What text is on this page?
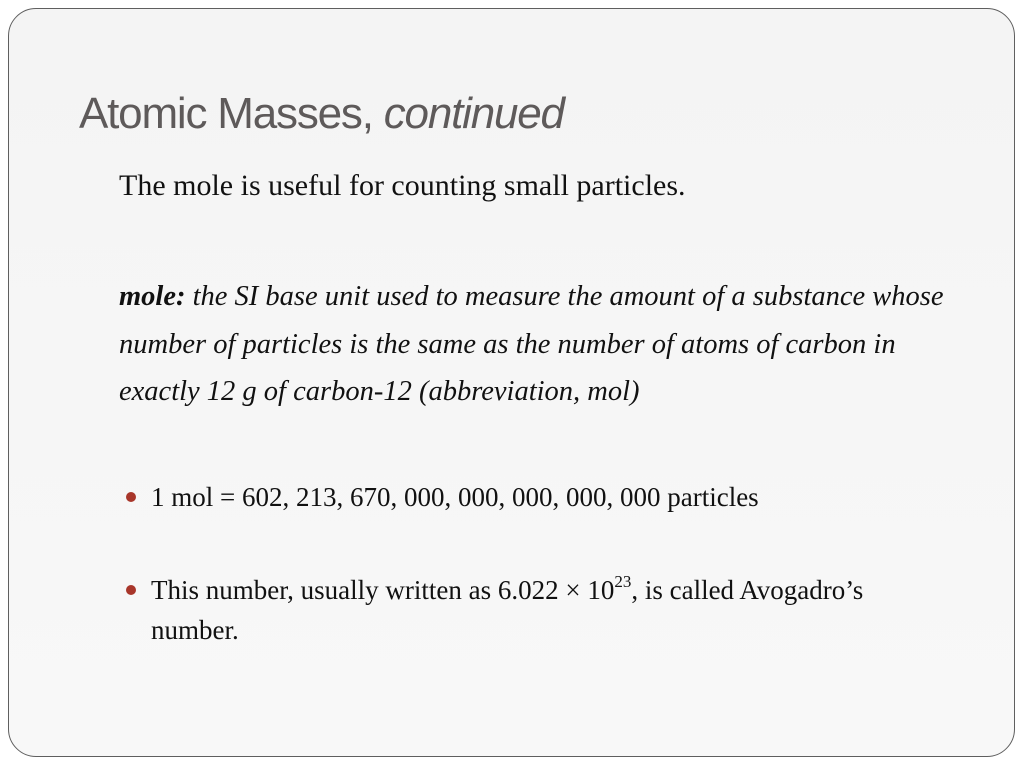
Atomic Masses, continued

The mole is useful for counting small particles.

mole: the SI base unit used to measure the amount of a substance whose number of particles is the same as the number of atoms of carbon in exactly 12 g of carbon-12 (abbreviation, mol)

1 mol = 602, 213, 670, 000, 000, 000, 000, 000 particles

This number, usually written as $6.022 \times 10^{23}$, is called Avogadro’s number.
